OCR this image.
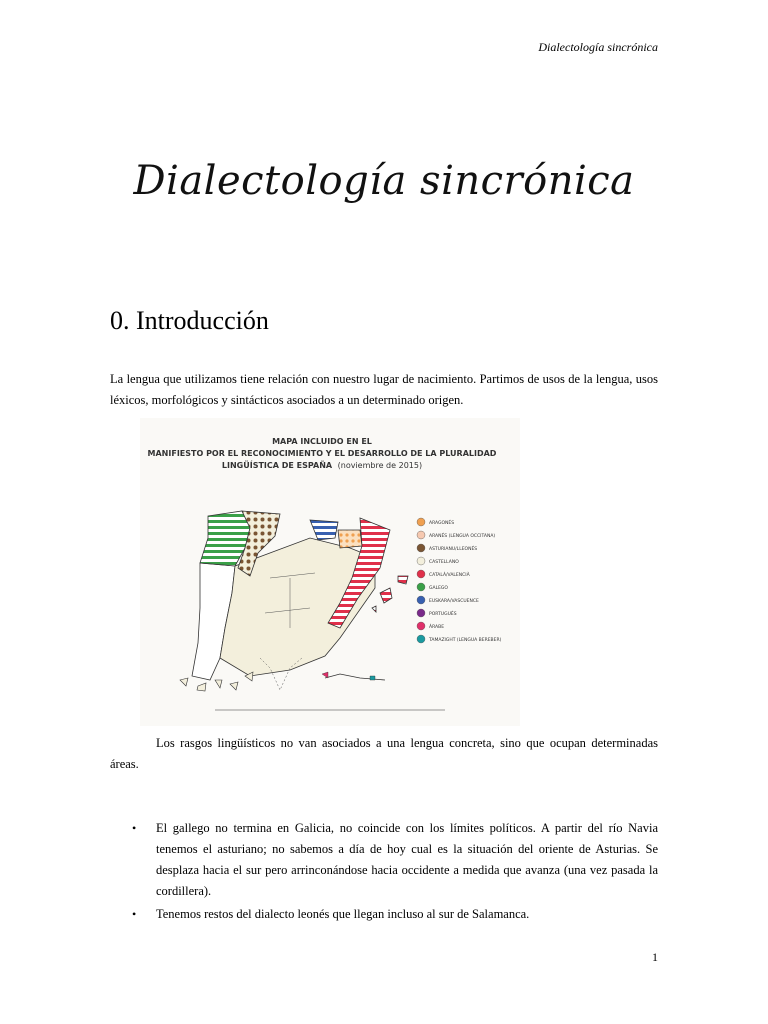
Dialectología sincrónica
Dialectología sincrónica
0. Introducción

La lengua que utilizamos tiene relación con nuestro lugar de nacimiento. Partimos de usos de la lengua, usos léxicos, morfológicos y sintácticos asociados a un determinado origen.

MAPA INCLUIDO EN EL
MANIFIESTO POR EL RECONOCIMIENTO Y EL DESARROLLO DE LA PLURALIDAD
LINGÜÍSTICA DE ESPAÑA (noviembre de 2015)
ARAGONÉS
ARANÉS (LENGUA OCCITANA)
ASTURIANU/LLEONÉS
CASTELLANO
CATALÀ/VALENCIÀ
GALEGO
EUSKARA/VASCUENCE
PORTUGUÉS
ÁRABE
TAMAZIGHT (LENGUA BEREBER)

Los rasgos lingüísticos no van asociados a una lengua concreta, sino que ocupan determinadas áreas.

• El gallego no termina en Galicia, no coincide con los límites políticos. A partir del río Navia tenemos el asturiano; no sabemos a día de hoy cual es la situación del oriente de Asturias. Se desplaza hacia el sur pero arrinconándose hacia occidente a medida que avanza (una vez pasada la cordillera).
• Tenemos restos del dialecto leonés que llegan incluso al sur de Salamanca.
1
